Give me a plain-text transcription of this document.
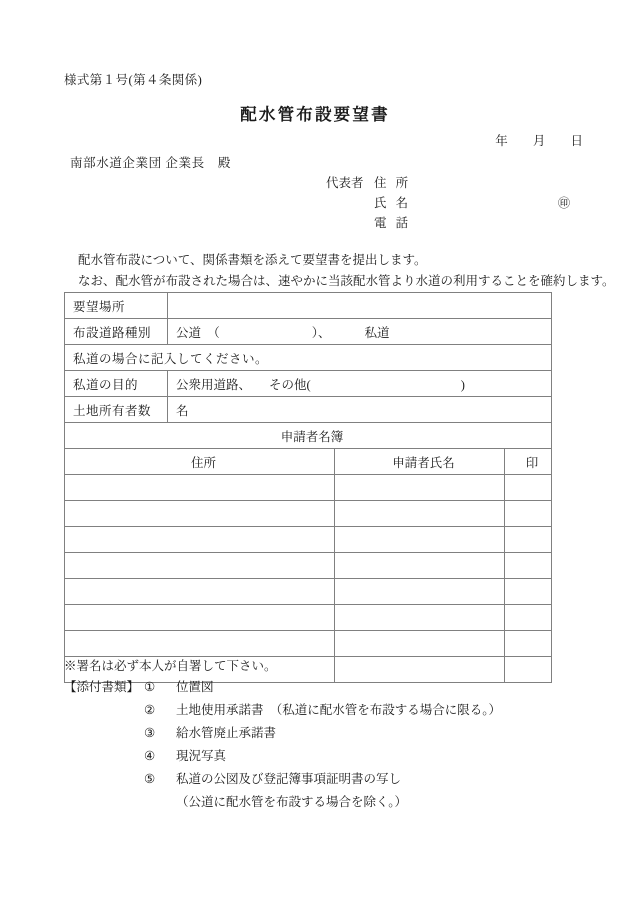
様式第１号(第４条関係)
配水管布設要望書
年 月 日
南部水道企業団 企業長　殿
代表者 住 所
氏 名	㊞
電 話

配水管布設について、関係書類を添えて要望書を提出します。

なお、配水管が布設された場合は、速やかに当該配水管より水道の利用することを確約します。

要望場所			
布設道路種別	公道　（ ）、 私道		
私道の場合に記入してください。			
私道の目的	公衆用道路、 その他( )		
土地所有者数	名		
申請者名簿			
住所		申請者氏名	印

※署名は必ず本人が自署して下さい。
【添付書類】 ①	位置図
②	土地使用承諾書　（私道に配水管を布設する場合に限る。）
③	給水管廃止承諾書
④	現況写真
⑤	私道の公図及び登記簿事項証明書の写し
（公道に配水管を布設する場合を除く。）
